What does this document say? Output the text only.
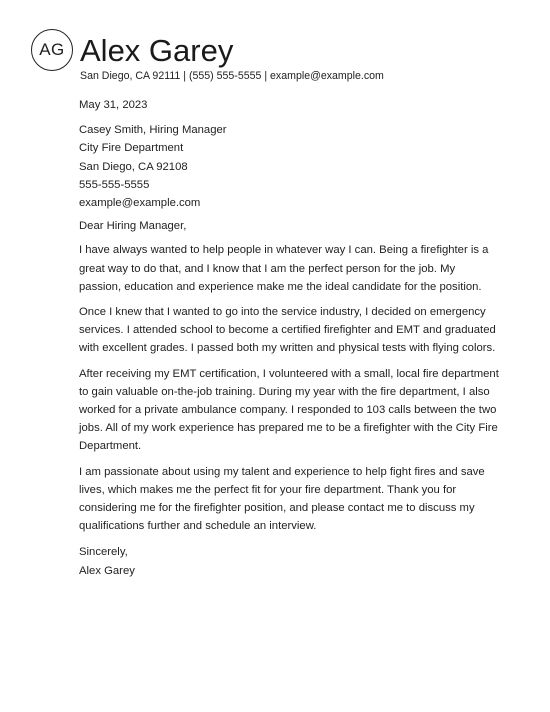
AG Alex Garey
San Diego, CA 92111 | (555) 555-5555 | example@example.com

May 31, 2023

Casey Smith, Hiring Manager
City Fire Department
San Diego, CA 92108
555-555-5555
example@example.com

Dear Hiring Manager,

I have always wanted to help people in whatever way I can. Being a firefighter is a great way to do that, and I know that I am the perfect person for the job. My passion, education and experience make me the ideal candidate for the position.

Once I knew that I wanted to go into the service industry, I decided on emergency services. I attended school to become a certified firefighter and EMT and graduated with excellent grades. I passed both my written and physical tests with flying colors.

After receiving my EMT certification, I volunteered with a small, local fire department to gain valuable on-the-job training. During my year with the fire department, I also worked for a private ambulance company. I responded to 103 calls between the two jobs. All of my work experience has prepared me to be a firefighter with the City Fire Department.

I am passionate about using my talent and experience to help fight fires and save lives, which makes me the perfect fit for your fire department. Thank you for considering me for the firefighter position, and please contact me to discuss my qualifications further and schedule an interview.

Sincerely,
Alex Garey
